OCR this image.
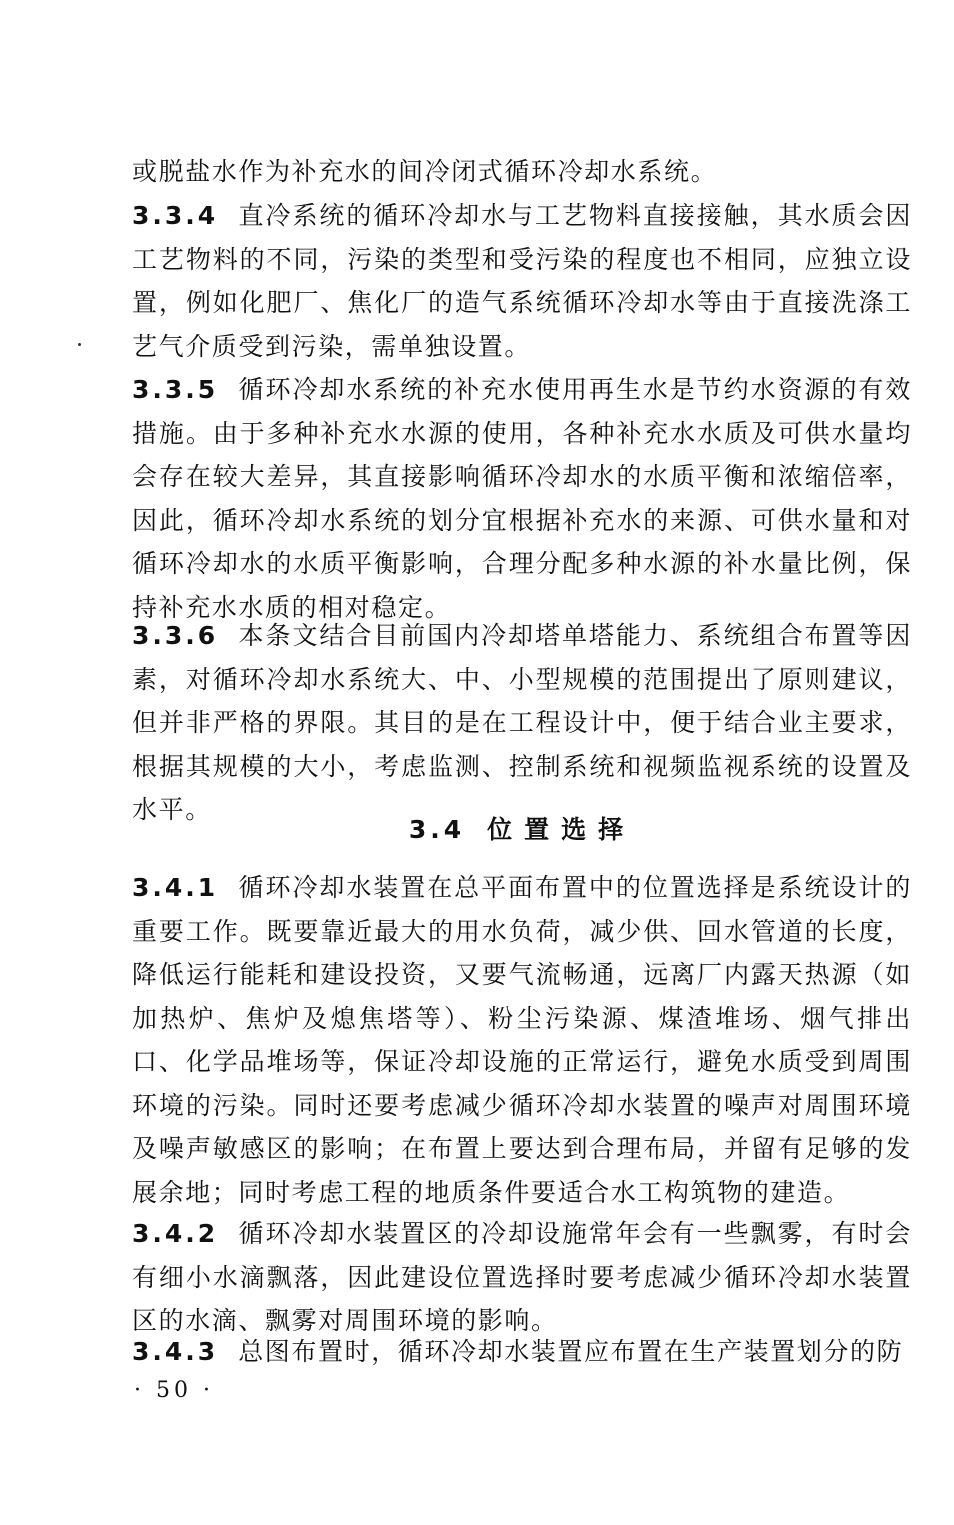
或脱盐水作为补充水的间冷闭式循环冷却水系统。

3.3.4 直冷系统的循环冷却水与工艺物料直接接触，其水质会因工艺物料的不同，污染的类型和受污染的程度也不相同，应独立设置，例如化肥厂、焦化厂的造气系统循环冷却水等由于直接洗涤工艺气介质受到污染，需单独设置。

3.3.5 循环冷却水系统的补充水使用再生水是节约水资源的有效措施。由于多种补充水水源的使用，各种补充水水质及可供水量均会存在较大差异，其直接影响循环冷却水的水质平衡和浓缩倍率，因此，循环冷却水系统的划分宜根据补充水的来源、可供水量和对循环冷却水的水质平衡影响，合理分配多种水源的补水量比例，保持补充水水质的相对稳定。

3.3.6 本条文结合目前国内冷却塔单塔能力、系统组合布置等因素，对循环冷却水系统大、中、小型规模的范围提出了原则建议，但并非严格的界限。其目的是在工程设计中，便于结合业主要求，根据其规模的大小，考虑监测、控制系统和视频监视系统的设置及水平。

3.4 位置选择

3.4.1 循环冷却水装置在总平面布置中的位置选择是系统设计的重要工作。既要靠近最大的用水负荷，减少供、回水管道的长度，降低运行能耗和建设投资，又要气流畅通，远离厂内露天热源（如加热炉、焦炉及熄焦塔等）、粉尘污染源、煤渣堆场、烟气排出口、化学品堆场等，保证冷却设施的正常运行，避免水质受到周围环境的污染。同时还要考虑减少循环冷却水装置的噪声对周围环境及噪声敏感区的影响；在布置上要达到合理布局，并留有足够的发展余地；同时考虑工程的地质条件要适合水工构筑物的建造。

3.4.2 循环冷却水装置区的冷却设施常年会有一些飘雾，有时会有细小水滴飘落，因此建设位置选择时要考虑减少循环冷却水装置区的水滴、飘雾对周围环境的影响。

3.4.3 总图布置时，循环冷却水装置应布置在生产装置划分的防

· 50 ·
